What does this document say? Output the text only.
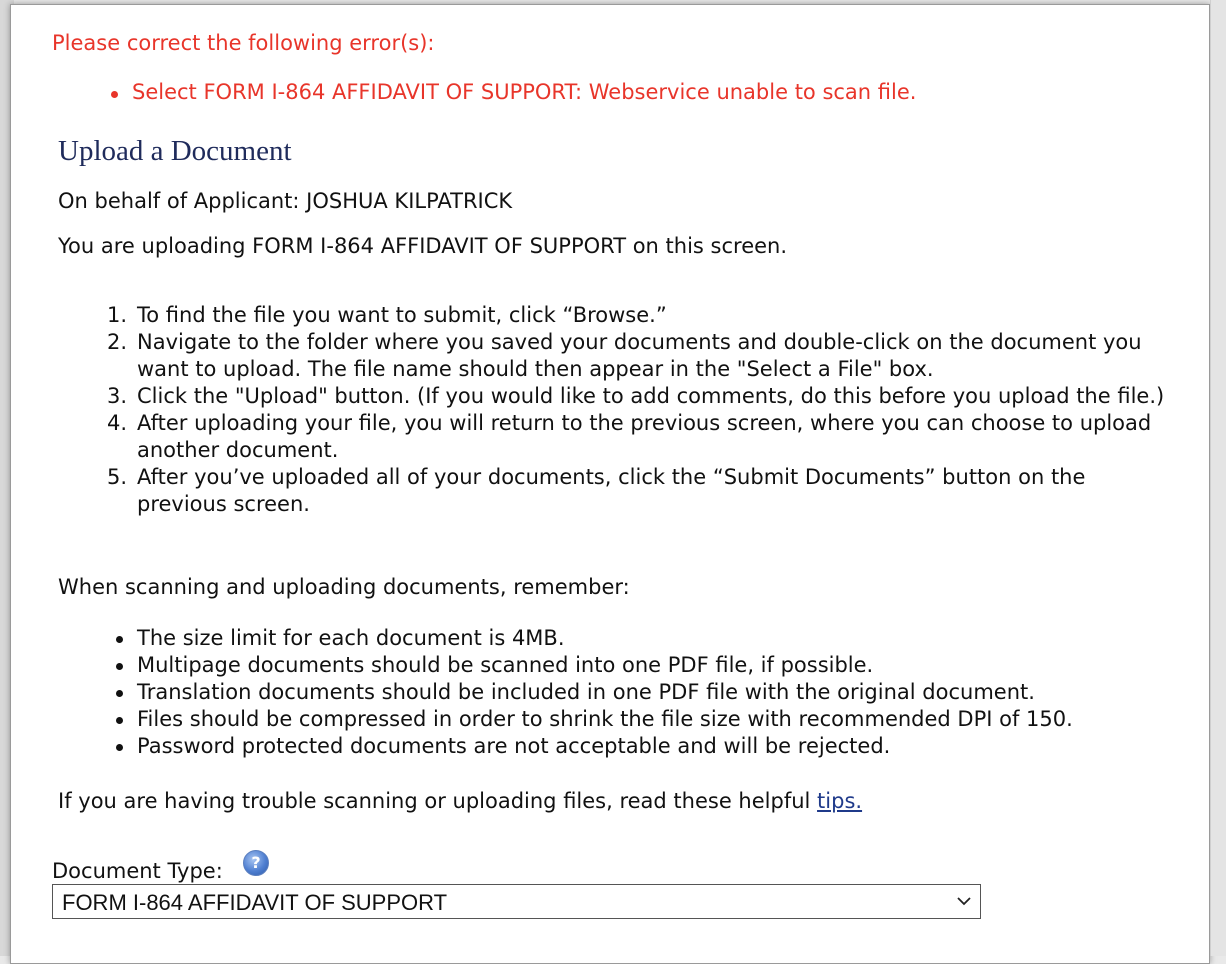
Please correct the following error(s):

Select FORM I-864 AFFIDAVIT OF SUPPORT: Webservice unable to scan file.
Upload a Document

On behalf of Applicant: JOSHUA KILPATRICK

You are uploading FORM I-864 AFFIDAVIT OF SUPPORT on this screen.

1. To find the file you want to submit, click “Browse.”
2. Navigate to the folder where you saved your documents and double-click on the document you want to upload. The file name should then appear in the "Select a File" box.
3. Click the "Upload" button. (If you would like to add comments, do this before you upload the file.)
4. After uploading your file, you will return to the previous screen, where you can choose to upload another document.
5. After you’ve uploaded all of your documents, click the “Submit Documents” button on the previous screen.

When scanning and uploading documents, remember:

The size limit for each document is 4MB.
Multipage documents should be scanned into one PDF file, if possible.
Translation documents should be included in one PDF file with the original document.
Files should be compressed in order to shrink the file size with recommended DPI of 150.
Password protected documents are not acceptable and will be rejected.

If you are having trouble scanning or uploading files, read these helpful tips.

Document Type:	?
FORM I-864 AFFIDAVIT OF SUPPORT
